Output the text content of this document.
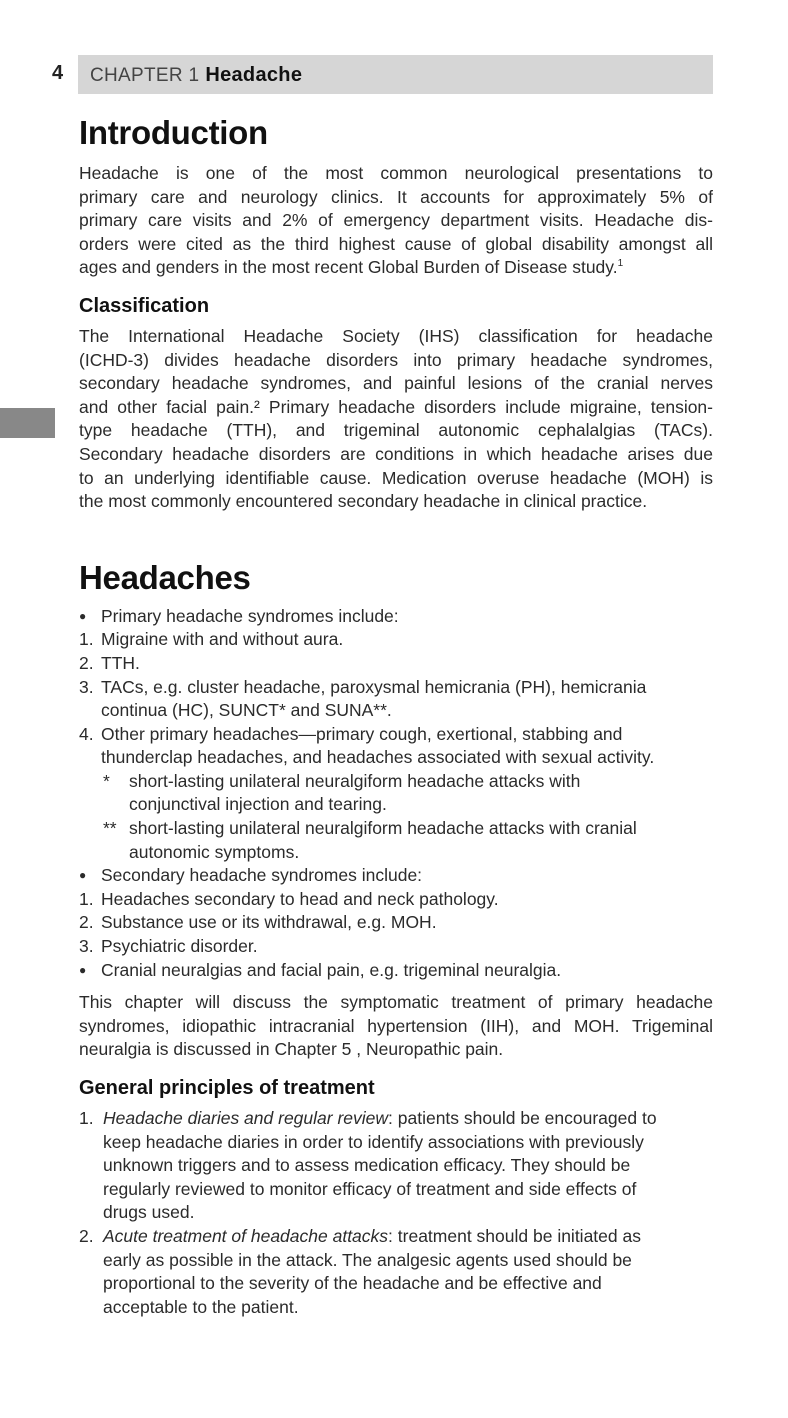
4 CHAPTER 1 Headache
Introduction
Headache is one of the most common neurological presentations to
primary care and neurology clinics. It accounts for approximately 5% of
primary care visits and 2% of emergency department visits. Headache dis-
orders were cited as the third highest cause of global disability amongst all
ages and genders in the most recent Global Burden of Disease study.$^1$
Classification
The International Headache Society (IHS) classification for headache
(ICHD-3) divides headache disorders into primary headache syndromes,
secondary headache syndromes, and painful lesions of the cranial nerves
and other facial pain.² Primary headache disorders include migraine, tension-
type headache (TTH), and trigeminal autonomic cephalalgias (TACs).
Secondary headache disorders are conditions in which headache arises due
to an underlying identifiable cause. Medication overuse headache (MOH) is
the most commonly encountered secondary headache in clinical practice.
Headaches
● Primary headache syndromes include:
1. Migraine with and without aura.
2. TTH.
3. TACs, e.g. cluster headache, paroxysmal hemicrania (PH), hemicrania
continua (HC), SUNCT* and SUNA**.
4. Other primary headaches—primary cough, exertional, stabbing and
thunderclap headaches, and headaches associated with sexual activity.
* short-lasting unilateral neuralgiform headache attacks with
conjunctival injection and tearing.
** short-lasting unilateral neuralgiform headache attacks with cranial
autonomic symptoms.
● Secondary headache syndromes include:
1. Headaches secondary to head and neck pathology.
2. Substance use or its withdrawal, e.g. MOH.
3. Psychiatric disorder.
● Cranial neuralgias and facial pain, e.g. trigeminal neuralgia.
This chapter will discuss the symptomatic treatment of primary headache
syndromes, idiopathic intracranial hypertension (IIH), and MOH. Trigeminal
neuralgia is discussed in Chapter 5 , Neuropathic pain.
General principles of treatment
1. Headache diaries and regular review: patients should be encouraged to
keep headache diaries in order to identify associations with previously
unknown triggers and to assess medication efficacy. They should be
regularly reviewed to monitor efficacy of treatment and side effects of
drugs used.
2. Acute treatment of headache attacks: treatment should be initiated as
early as possible in the attack. The analgesic agents used should be
proportional to the severity of the headache and be effective and
acceptable to the patient.
